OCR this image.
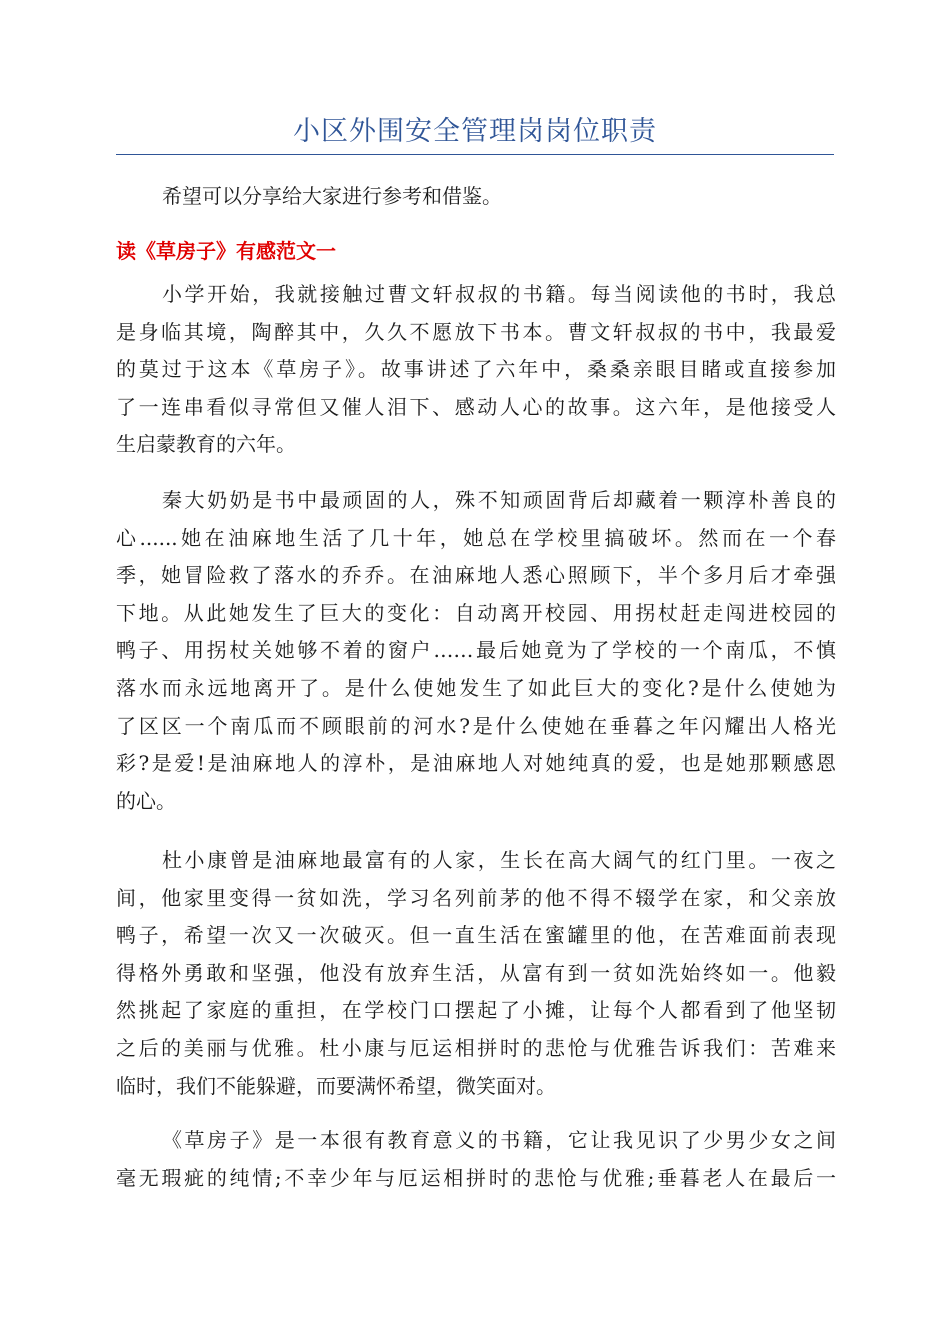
小区外围安全管理岗岗位职责
希望可以分享给大家进行参考和借鉴。
读《草房子》有感范文一
小学开始，我就接触过曹文轩叔叔的书籍。每当阅读他的书时，我总
是身临其境，陶醉其中，久久不愿放下书本。曹文轩叔叔的书中，我最爱
的莫过于这本《草房子》。故事讲述了六年中，桑桑亲眼目睹或直接参加
了一连串看似寻常但又催人泪下、感动人心的故事。这六年，是他接受人
生启蒙教育的六年。
秦大奶奶是书中最顽固的人，殊不知顽固背后却藏着一颗淳朴善良的
心......她在油麻地生活了几十年，她总在学校里搞破坏。然而在一个春
季，她冒险救了落水的乔乔。在油麻地人悉心照顾下，半个多月后才牵强
下地。从此她发生了巨大的变化：自动离开校园、用拐杖赶走闯进校园的
鸭子、用拐杖关她够不着的窗户……最后她竟为了学校的一个南瓜，不慎
落水而永远地离开了。是什么使她发生了如此巨大的变化?是什么使她为
了区区一个南瓜而不顾眼前的河水?是什么使她在垂暮之年闪耀出人格光
彩?是爱!是油麻地人的淳朴，是油麻地人对她纯真的爱，也是她那颗感恩
的心。
杜小康曾是油麻地最富有的人家，生长在高大阔气的红门里。一夜之
间，他家里变得一贫如洗，学习名列前茅的他不得不辍学在家，和父亲放
鸭子，希望一次又一次破灭。但一直生活在蜜罐里的他，在苦难面前表现
得格外勇敢和坚强，他没有放弃生活，从富有到一贫如洗始终如一。他毅
然挑起了家庭的重担，在学校门口摆起了小摊，让每个人都看到了他坚韧
之后的美丽与优雅。杜小康与厄运相拼时的悲怆与优雅告诉我们：苦难来
临时，我们不能躲避，而要满怀希望，微笑面对。
《草房子》是一本很有教育意义的书籍，它让我见识了少男少女之间
毫无瑕疵的纯情;不幸少年与厄运相拼时的悲怆与优雅;垂暮老人在最后一
